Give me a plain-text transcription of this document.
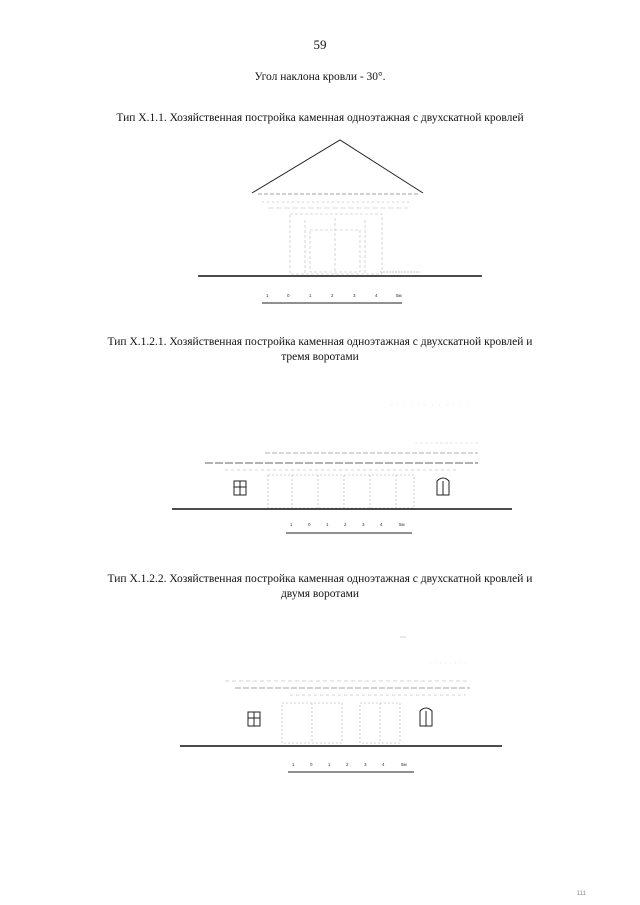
59
Угол наклона кровли - 30°.
Тип Х.1.1. Хозяйственная постройка каменная одноэтажная с двухскатной кровлей
1	0	1	2	3	4	5м
Тип Х.1.2.1. Хозяйственная постройка каменная одноэтажная с двухскатной кровлей и
тремя воротами
1	0	1	2	3	4	5м
Тип Х.1.2.2. Хозяйственная постройка каменная одноэтажная с двухскатной кровлей и
двумя воротами
1	0	1	2	3	4	5м
111
